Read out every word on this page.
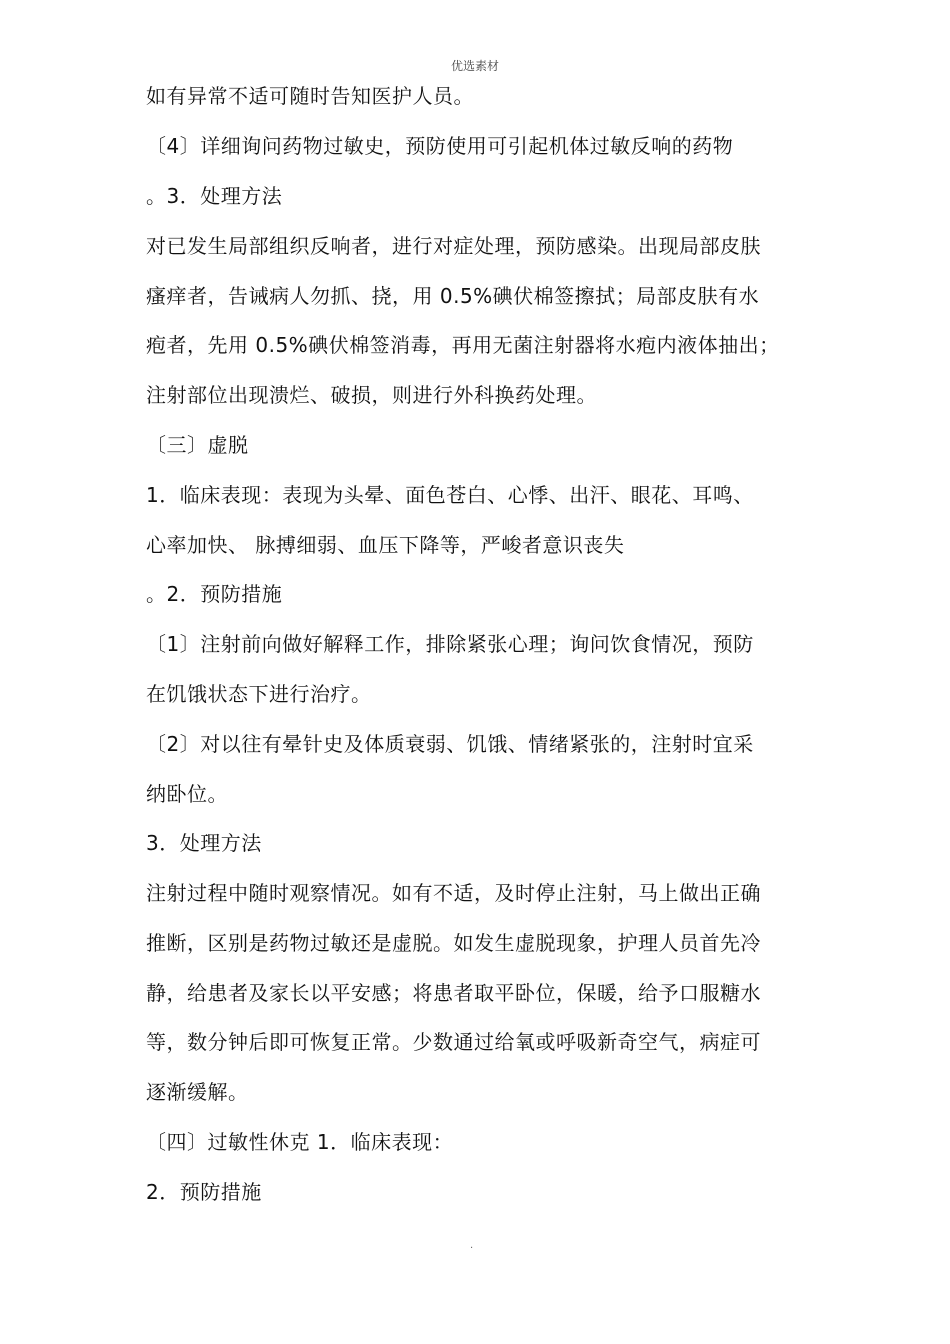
优选素材
如有异常不适可随时告知医护人员。
〔4〕详细询问药物过敏史，预防使用可引起机体过敏反响的药物
。3．处理方法
对已发生局部组织反响者，进行对症处理，预防感染。出现局部皮肤
瘙痒者，告诫病人勿抓、挠，用 0.5%碘伏棉签擦拭；局部皮肤有水
疱者，先用 0.5%碘伏棉签消毒，再用无菌注射器将水疱内液体抽出；
注射部位出现溃烂、破损，则进行外科换药处理。
〔三〕虚脱
1．临床表现：表现为头晕、面色苍白、心悸、出汗、眼花、耳鸣、
心率加快、 脉搏细弱、血压下降等，严峻者意识丧失
。2．预防措施
〔1〕注射前向做好解释工作，排除紧张心理；询问饮食情况，预防
在饥饿状态下进行治疗。
〔2〕对以往有晕针史及体质衰弱、饥饿、情绪紧张的，注射时宜采
纳卧位。
3．处理方法
注射过程中随时观察情况。如有不适，及时停止注射，马上做出正确
推断，区别是药物过敏还是虚脱。如发生虚脱现象，护理人员首先冷
静，给患者及家长以平安感；将患者取平卧位，保暖，给予口服糖水
等，数分钟后即可恢复正常。少数通过给氧或呼吸新奇空气，病症可
逐渐缓解。
〔四〕过敏性休克 1．临床表现：
2．预防措施
.
